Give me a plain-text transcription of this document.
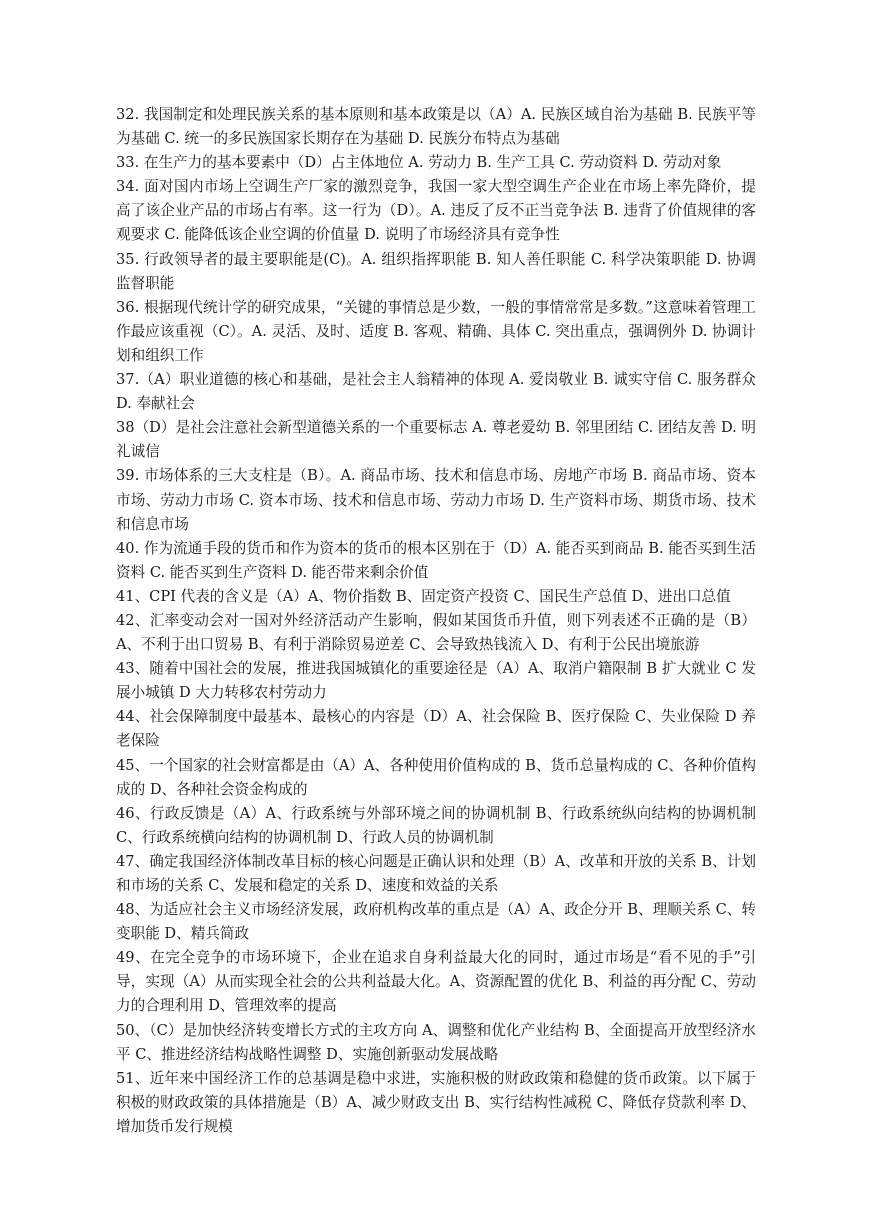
32. 我国制定和处理民族关系的基本原则和基本政策是以（A）A. 民族区域自治为基础 B. 民族平等为基础 C. 统一的多民族国家长期存在为基础 D. 民族分布特点为基础

33. 在生产力的基本要素中（D）占主体地位 A. 劳动力 B. 生产工具 C. 劳动资料 D. 劳动对象

34. 面对国内市场上空调生产厂家的激烈竞争，我国一家大型空调生产企业在市场上率先降价，提高了该企业产品的市场占有率。这一行为（D）。A. 违反了反不正当竞争法 B. 违背了价值规律的客观要求 C. 能降低该企业空调的价值量 D. 说明了市场经济具有竞争性

35. 行政领导者的最主要职能是(C)。A. 组织指挥职能 B. 知人善任职能 C. 科学决策职能 D. 协调监督职能

36. 根据现代统计学的研究成果，“关键的事情总是少数，一般的事情常常是多数。”这意味着管理工作最应该重视（C）。A. 灵活、及时、适度 B. 客观、精确、具体 C. 突出重点，强调例外 D. 协调计划和组织工作

37.（A）职业道德的核心和基础，是社会主人翁精神的体现 A. 爱岗敬业 B. 诚实守信 C. 服务群众 D. 奉献社会

38（D）是社会注意社会新型道德关系的一个重要标志 A. 尊老爱幼 B. 邻里团结 C. 团结友善 D. 明礼诚信

39. 市场体系的三大支柱是（B）。A. 商品市场、技术和信息市场、房地产市场 B. 商品市场、资本市场、劳动力市场 C. 资本市场、技术和信息市场、劳动力市场 D. 生产资料市场、期货市场、技术和信息市场

40. 作为流通手段的货币和作为资本的货币的根本区别在于（D）A. 能否买到商品 B. 能否买到生活资料 C. 能否买到生产资料 D. 能否带来剩余价值

41、CPI 代表的含义是（A）A、物价指数 B、固定资产投资 C、国民生产总值 D、进出口总值

42、汇率变动会对一国对外经济活动产生影响，假如某国货币升值，则下列表述不正确的是（B）A、不利于出口贸易 B、有利于消除贸易逆差 C、会导致热钱流入 D、有利于公民出境旅游

43、随着中国社会的发展，推进我国城镇化的重要途径是（A）A、取消户籍限制 B 扩大就业 C 发展小城镇 D 大力转移农村劳动力

44、社会保障制度中最基本、最核心的内容是（D）A、社会保险 B、医疗保险 C、失业保险 D 养老保险

45、一个国家的社会财富都是由（A）A、各种使用价值构成的 B、货币总量构成的 C、各种价值构成的 D、各种社会资金构成的

46、行政反馈是（A）A、行政系统与外部环境之间的协调机制 B、行政系统纵向结构的协调机制 C、行政系统横向结构的协调机制 D、行政人员的协调机制

47、确定我国经济体制改革目标的核心问题是正确认识和处理（B）A、改革和开放的关系 B、计划和市场的关系 C、发展和稳定的关系 D、速度和效益的关系

48、为适应社会主义市场经济发展，政府机构改革的重点是（A）A、政企分开 B、理顺关系 C、转变职能 D、精兵简政

49、在完全竞争的市场环境下，企业在追求自身利益最大化的同时，通过市场是“看不见的手”引导，实现（A）从而实现全社会的公共利益最大化。A、资源配置的优化 B、利益的再分配 C、劳动力的合理利用 D、管理效率的提高

50、（C）是加快经济转变增长方式的主攻方向 A、调整和优化产业结构 B、全面提高开放型经济水平 C、推进经济结构战略性调整 D、实施创新驱动发展战略

51、近年来中国经济工作的总基调是稳中求进，实施积极的财政政策和稳健的货币政策。以下属于积极的财政政策的具体措施是（B）A、减少财政支出 B、实行结构性减税 C、降低存贷款利率 D、增加货币发行规模
